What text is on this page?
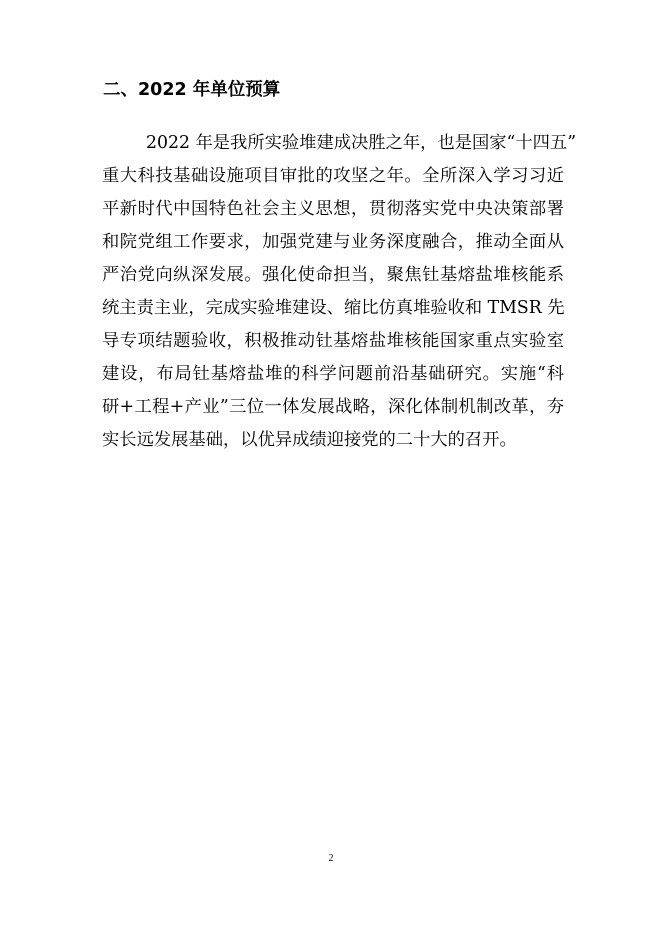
二、2022 年单位预算
2022 年是我所实验堆建成决胜之年，也是国家“十四五”
重大科技基础设施项目审批的攻坚之年。全所深入学习习近
平新时代中国特色社会主义思想，贯彻落实党中央决策部署
和院党组工作要求，加强党建与业务深度融合，推动全面从
严治党向纵深发展。强化使命担当，聚焦钍基熔盐堆核能系
统主责主业，完成实验堆建设、缩比仿真堆验收和 TMSR 先
导专项结题验收，积极推动钍基熔盐堆核能国家重点实验室
建设，布局钍基熔盐堆的科学问题前沿基础研究。实施“科
研+工程+产业”三位一体发展战略，深化体制机制改革，夯
实长远发展基础，以优异成绩迎接党的二十大的召开。
2
